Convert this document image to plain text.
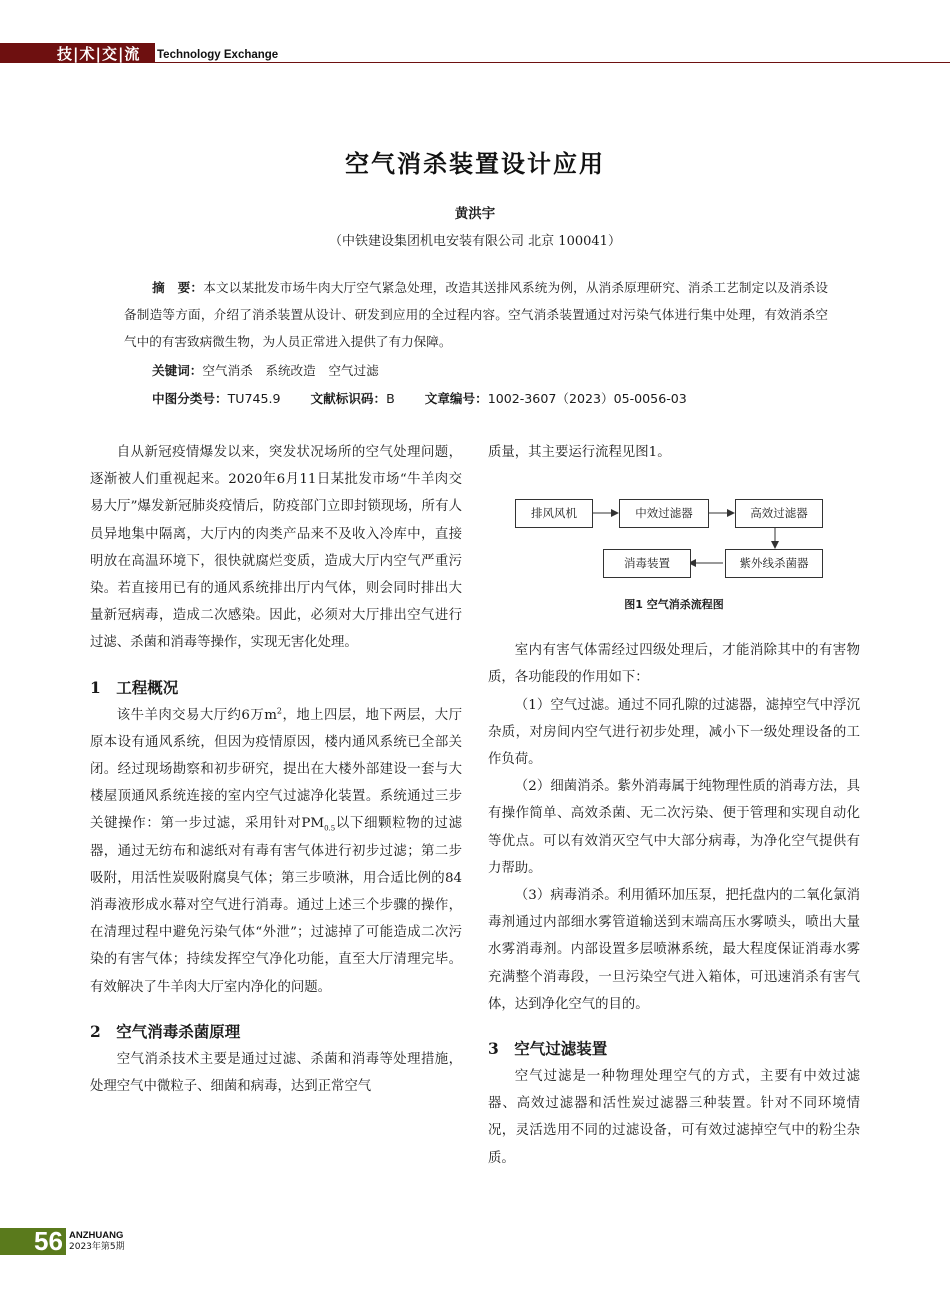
技|术|交|流 Technology Exchange
空气消杀装置设计应用
黄洪宇
（中铁建设集团机电安装有限公司 北京 100041）
摘　要：本文以某批发市场牛肉大厅空气紧急处理，改造其送排风系统为例，从消杀原理研究、消杀工艺制定以及消杀设备制造等方面，介绍了消杀装置从设计、研发到应用的全过程内容。空气消杀装置通过对污染气体进行集中处理，有效消杀空气中的有害致病微生物，为人员正常进入提供了有力保障。
关键词：空气消杀　系统改造　空气过滤
中图分类号：TU745.9 文献标识码：B 文章编号：1002-3607（2023）05-0056-03

自从新冠疫情爆发以来，突发状况场所的空气处理问题，逐渐被人们重视起来。2020年6月11日某批发市场“牛羊肉交易大厅”爆发新冠肺炎疫情后，防疫部门立即封锁现场，所有人员异地集中隔离，大厅内的肉类产品来不及收入冷库中，直接明放在高温环境下，很快就腐烂变质，造成大厅内空气严重污染。若直接用已有的通风系统排出厅内气体，则会同时排出大量新冠病毒，造成二次感染。因此，必须对大厅排出空气进行过滤、杀菌和消毒等操作，实现无害化处理。

1　工程概况

该牛羊肉交易大厅约6万$m^2$，地上四层，地下两层，大厅原本设有通风系统，但因为疫情原因，楼内通风系统已全部关闭。经过现场勘察和初步研究，提出在大楼外部建设一套与大楼屋顶通风系统连接的室内空气过滤净化装置。系统通过三步关键操作：第一步过滤，采用针对$PM_{0.5}$以下细颗粒物的过滤器，通过无纺布和滤纸对有毒有害气体进行初步过滤；第二步吸附，用活性炭吸附腐臭气体；第三步喷淋，用合适比例的84消毒液形成水幕对空气进行消毒。通过上述三个步骤的操作，在清理过程中避免污染气体“外泄”；过滤掉了可能造成二次污染的有害气体；持续发挥空气净化功能，直至大厅清理完毕。有效解决了牛羊肉大厅室内净化的问题。

2　空气消毒杀菌原理

空气消杀技术主要是通过过滤、杀菌和消毒等处理措施，处理空气中微粒子、细菌和病毒，达到正常空气

质量，其主要运行流程见图1。

室内有害气体需经过四级处理后，才能消除其中的有害物质，各功能段的作用如下：

（1）空气过滤。通过不同孔隙的过滤器，滤掉空气中浮沉杂质，对房间内空气进行初步处理，减小下一级处理设备的工作负荷。

（2）细菌消杀。紫外消毒属于纯物理性质的消毒方法，具有操作简单、高效杀菌、无二次污染、便于管理和实现自动化等优点。可以有效消灭空气中大部分病毒，为净化空气提供有力帮助。

（3）病毒消杀。利用循环加压泵，把托盘内的二氧化氯消毒剂通过内部细水雾管道输送到末端高压水雾喷头，喷出大量水雾消毒剂。内部设置多层喷淋系统，最大程度保证消毒水雾充满整个消毒段，一旦污染空气进入箱体，可迅速消杀有害气体，达到净化空气的目的。

3　空气过滤装置

空气过滤是一种物理处理空气的方式，主要有中效过滤器、高效过滤器和活性炭过滤器三种装置。针对不同环境情况，灵活选用不同的过滤设备，可有效过滤掉空气中的粉尘杂质。

排风风机	中效过滤器	高效过滤器
紫外线杀菌器
消毒装置
图1 空气消杀流程图
56 ANZHUANG
2023年第5期
